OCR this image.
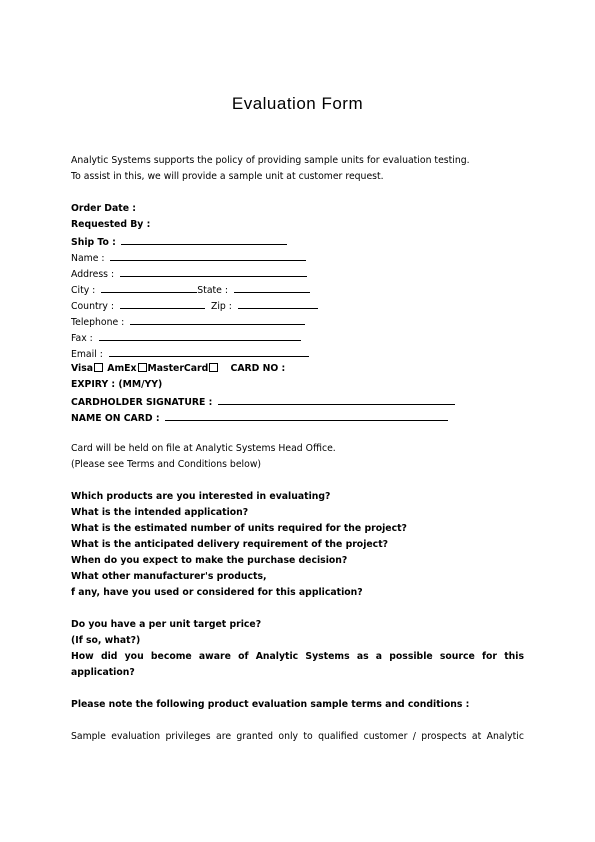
Evaluation Form
Analytic Systems supports the policy of providing sample units for evaluation testing.
To assist in this, we will provide a sample unit at customer request.
Order Date :
Requested By :
Ship To :
Name :
Address :
City :	State :
Country :	Zip :
Telephone :
Fax :
Email :
Visa AmEx MasterCard CARD NO :
EXPIRY : (MM/YY)
CARDHOLDER SIGNATURE :
NAME ON CARD :
Card will be held on file at Analytic Systems Head Office.
(Please see Terms and Conditions below)
Which products are you interested in evaluating?
What is the intended application?
What is the estimated number of units required for the project?
What is the anticipated delivery requirement of the project?
When do you expect to make the purchase decision?
What other manufacturer's products,
f any, have you used or considered for this application?
Do you have a per unit target price?
(If so, what?)
How did you become aware of Analytic Systems as a possible source for this
application?
Please note the following product evaluation sample terms and conditions :
Sample evaluation privileges are granted only to qualified customer / prospects at Analytic
